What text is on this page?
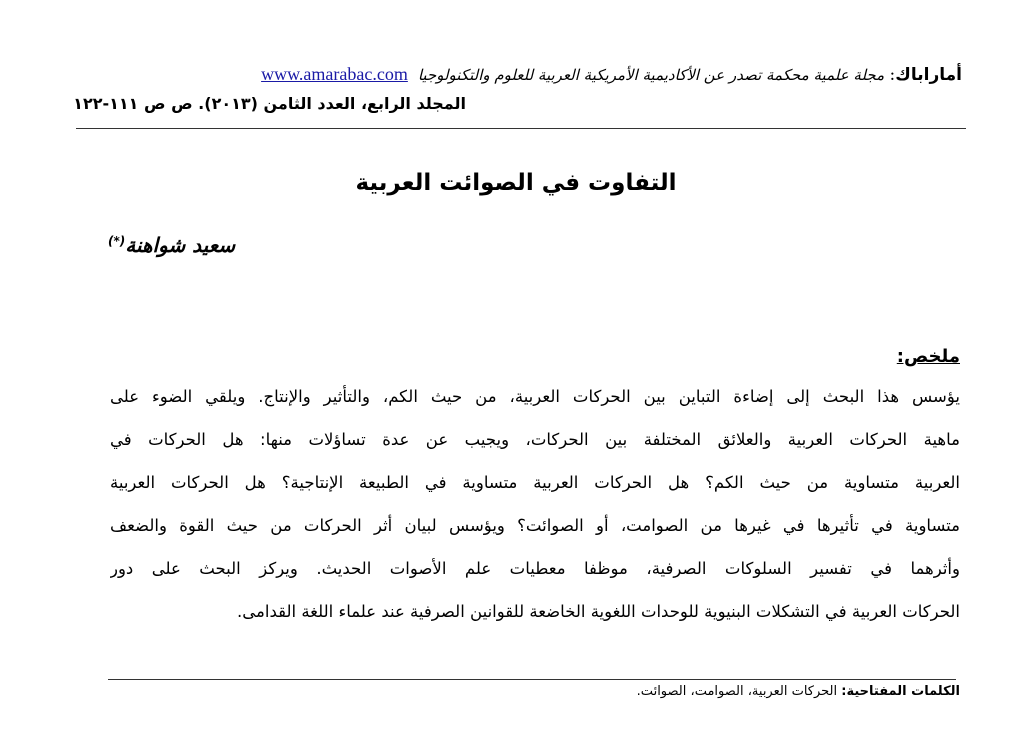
أماراباك: مجلة علمية محكمة تصدر عن الأكاديمية الأمريكية العربية للعلوم والتكنولوجياwww.amarabac.com
المجلد الرابع، العدد الثامن (٢٠١٣). ص ص ١١١-١٢٢
التفاوت في الصوائت العربية
سعيد شواهنة(*)
ملخص:
يؤسس هذا البحث إلى إضاءة التباين بين الحركات العربية، من حيث الكم، والتأثير والإنتاج. ويلقي الضوء على
ماهية الحركات العربية والعلائق المختلفة بين الحركات، ويجيب عن عدة تساؤلات منها: هل الحركات في
العربية متساوية من حيث الكم؟ هل الحركات العربية متساوية في الطبيعة الإنتاجية؟ هل الحركات العربية
متساوية في تأثيرها في غيرها من الصوامت، أو الصوائت؟ ويؤسس لبيان أثر الحركات من حيث القوة والضعف
وأثرهما في تفسير السلوكات الصرفية، موظفا معطيات علم الأصوات الحديث. ويركز البحث على دور
الحركات العربية في التشكلات البنيوية للوحدات اللغوية الخاضعة للقوانين الصرفية عند علماء اللغة القدامى.
الكلمات المفتاحية: الحركات العربية، الصوامت، الصوائت.
